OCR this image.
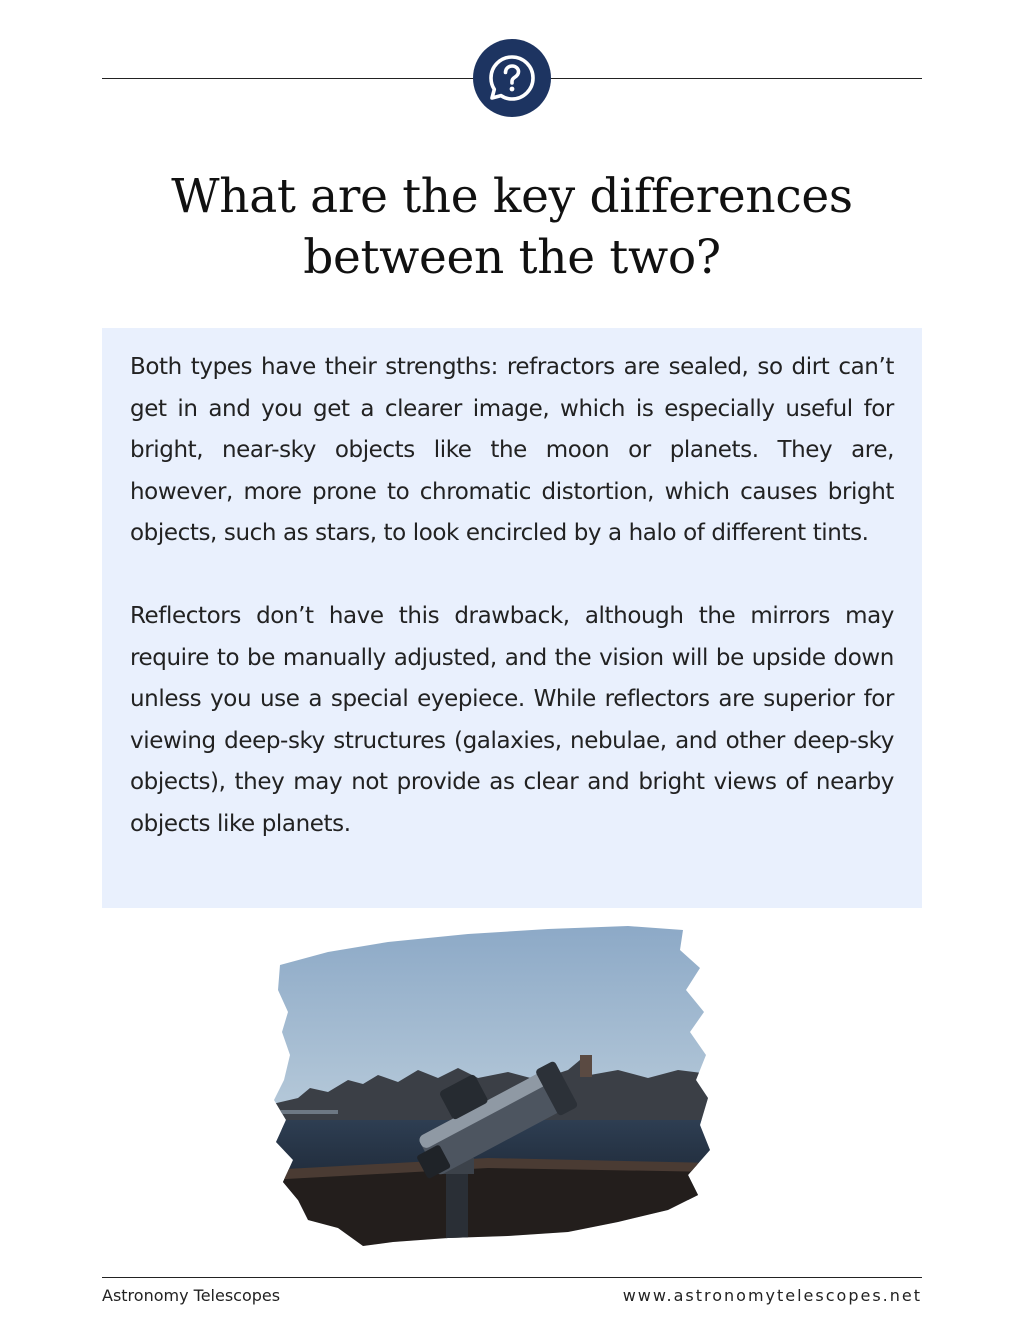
What are the key differences
between the two?

Both types have their strengths: refractors are sealed, so dirt can’t get in and you get a clearer image, which is especially useful for bright, near-sky objects like the moon or planets. They are, however, more prone to chromatic distortion, which causes bright objects, such as stars, to look encircled by a halo of different tints.

Reflectors don’t have this drawback, although the mirrors may require to be manually adjusted, and the vision will be upside down unless you use a special eyepiece. While reflectors are superior for viewing deep-sky structures (galaxies, nebulae, and other deep-sky objects), they may not provide as clear and bright views of nearby objects like planets.

Astronomy Telescopes	www.astronomytelescopes.net
